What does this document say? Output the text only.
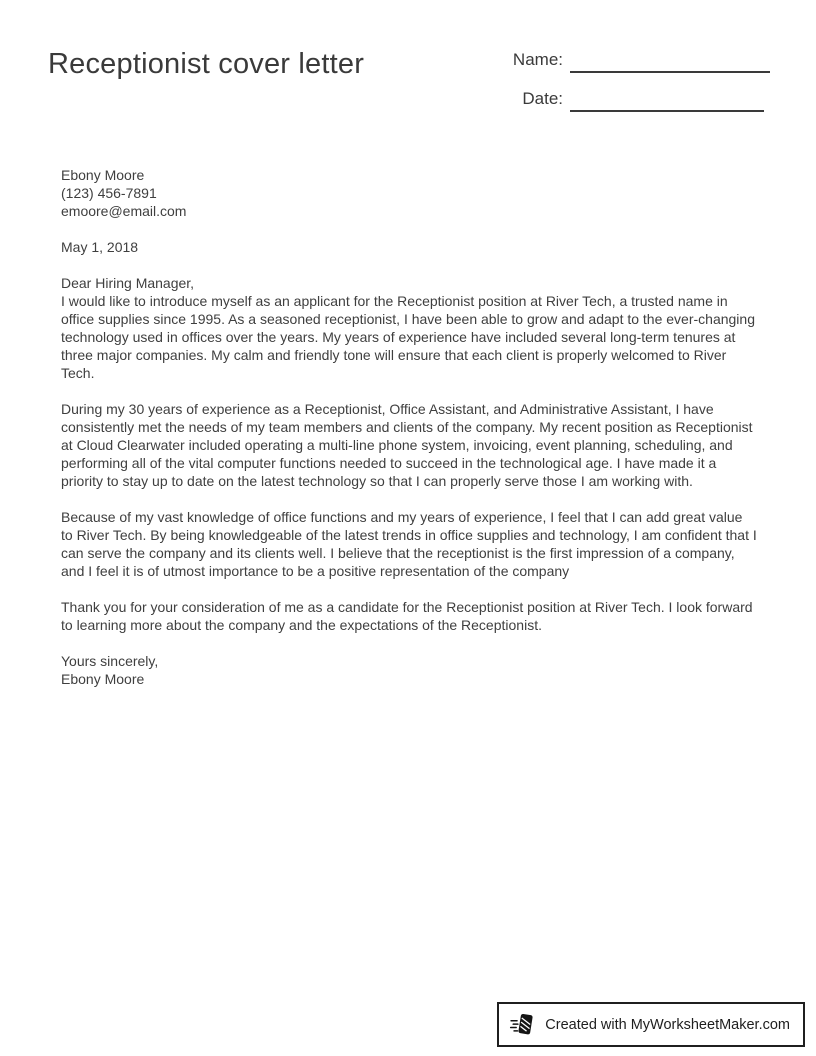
Receptionist cover letter	Name:
Date:
Ebony Moore
(123) 456-7891
emoore@email.com
May 1, 2018
Dear Hiring Manager,
I would like to introduce myself as an applicant for the Receptionist position at River Tech, a trusted name in office supplies since 1995. As a seasoned receptionist, I have been able to grow and adapt to the ever-changing technology used in offices over the years. My years of experience have included several long-term tenures at three major companies. My calm and friendly tone will ensure that each client is properly welcomed to River Tech.
During my 30 years of experience as a Receptionist, Office Assistant, and Administrative Assistant, I have consistently met the needs of my team members and clients of the company. My recent position as Receptionist at Cloud Clearwater included operating a multi-line phone system, invoicing, event planning, scheduling, and performing all of the vital computer functions needed to succeed in the technological age. I have made it a priority to stay up to date on the latest technology so that I can properly serve those I am working with.
Because of my vast knowledge of office functions and my years of experience, I feel that I can add great value to River Tech. By being knowledgeable of the latest trends in office supplies and technology, I am confident that I can serve the company and its clients well. I believe that the receptionist is the first impression of a company, and I feel it is of utmost importance to be a positive representation of the company
Thank you for your consideration of me as a candidate for the Receptionist position at River Tech. I look forward to learning more about the company and the expectations of the Receptionist.
Yours sincerely,
Ebony Moore
Created with MyWorksheetMaker.com
